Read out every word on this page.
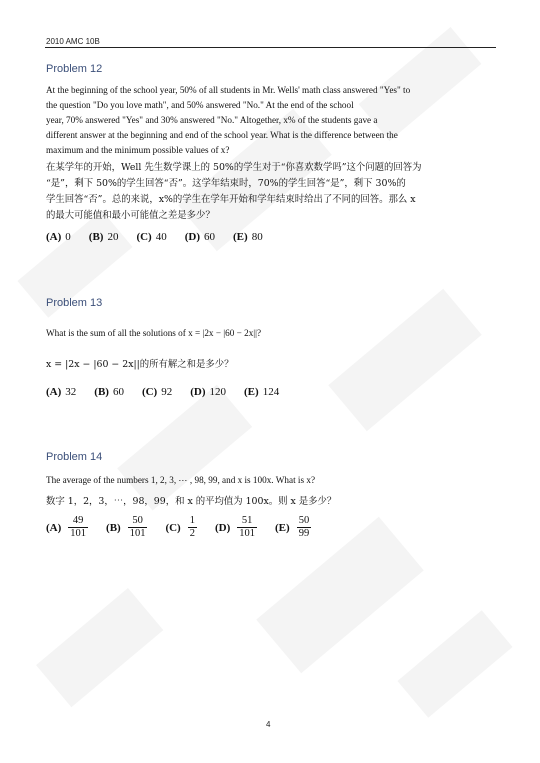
2010 AMC 10B
Problem 12
At the beginning of the school year, 50% of all students in Mr. Wells' math class answered "Yes" to
the question "Do you love math", and 50% answered "No." At the end of the school
year, 70% answered "Yes" and 30% answered "No." Altogether, x% of the students gave a
different answer at the beginning and end of the school year. What is the difference between the
maximum and the minimum possible values of x?
在某学年的开始，Well 先生数学课上的 50%的学生对于“你喜欢数学吗”这个问题的回答为
“是”，剩下 50%的学生回答“否”。这学年结束时，70%的学生回答“是”，剩下 30%的
学生回答“否”。总的来说，x%的学生在学年开始和学年结束时给出了不同的回答。那么 x
的最大可能值和最小可能值之差是多少？
(A) 0 (B) 20 (C) 40 (D) 60 (E) 80
Problem 13
What is the sum of all the solutions of x = |2x − |60 − 2x||?
x = |2x − |60 − 2x||的所有解之和是多少？
(A) 32 (B) 60 (C) 92 (D) 120 (E) 124
Problem 14
The average of the numbers 1, 2, 3, ⋯ , 98, 99, and x is 100x. What is x?
数字 1，2，3，⋯，98，99，和 x 的平均值为 100x。则 x 是多少？
$(A) \frac{49}{101} (B) \frac{50}{101} (C) \frac{1}{2} (D) \frac{51}{101} (E) \frac{50}{99}$
4
